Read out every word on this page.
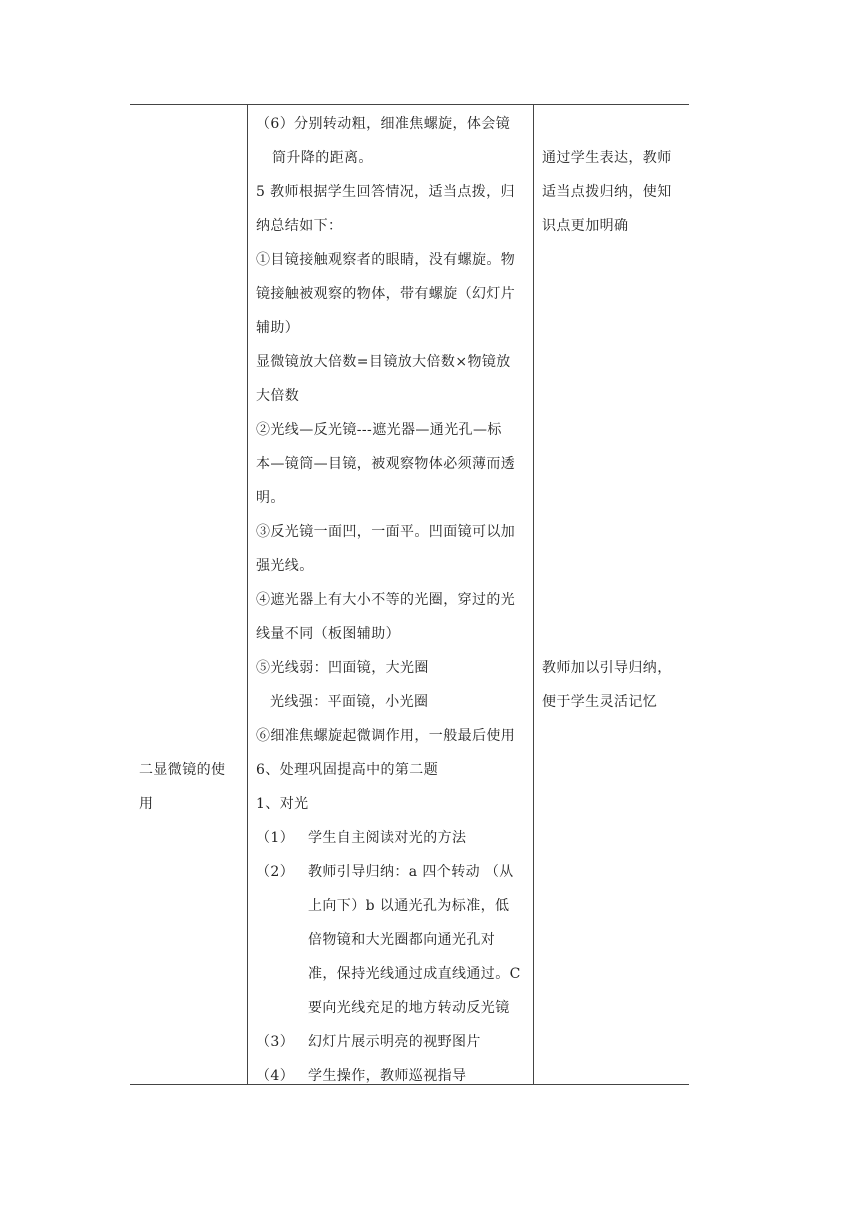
二显微镜的使
用
（6）分别转动粗，细准焦螺旋，体会镜
筒升降的距离。
5 教师根据学生回答情况，适当点拨，归
纳总结如下：
①目镜接触观察者的眼睛，没有螺旋。物
镜接触被观察的物体，带有螺旋（幻灯片
辅助）
显微镜放大倍数=目镜放大倍数×物镜放
大倍数
②光线—反光镜---遮光器—通光孔—标
本—镜筒—目镜，被观察物体必须薄而透
明。
③反光镜一面凹，一面平。凹面镜可以加
强光线。
④遮光器上有大小不等的光圈，穿过的光
线量不同（板图辅助）
⑤光线弱：凹面镜，大光圈
光线强：平面镜，小光圈
⑥细准焦螺旋起微调作用，一般最后使用
6、处理巩固提高中的第二题
1、对光
（1） 学生自主阅读对光的方法
（2） 教师引导归纳：a 四个转动 （从
上向下）b 以通光孔为标准，低
倍物镜和大光圈都向通光孔对
准，保持光线通过成直线通过。C
要向光线充足的地方转动反光镜
（3） 幻灯片展示明亮的视野图片
（4） 学生操作，教师巡视指导
通过学生表达，教师
适当点拨归纳，使知
识点更加明确
教师加以引导归纳，
便于学生灵活记忆
